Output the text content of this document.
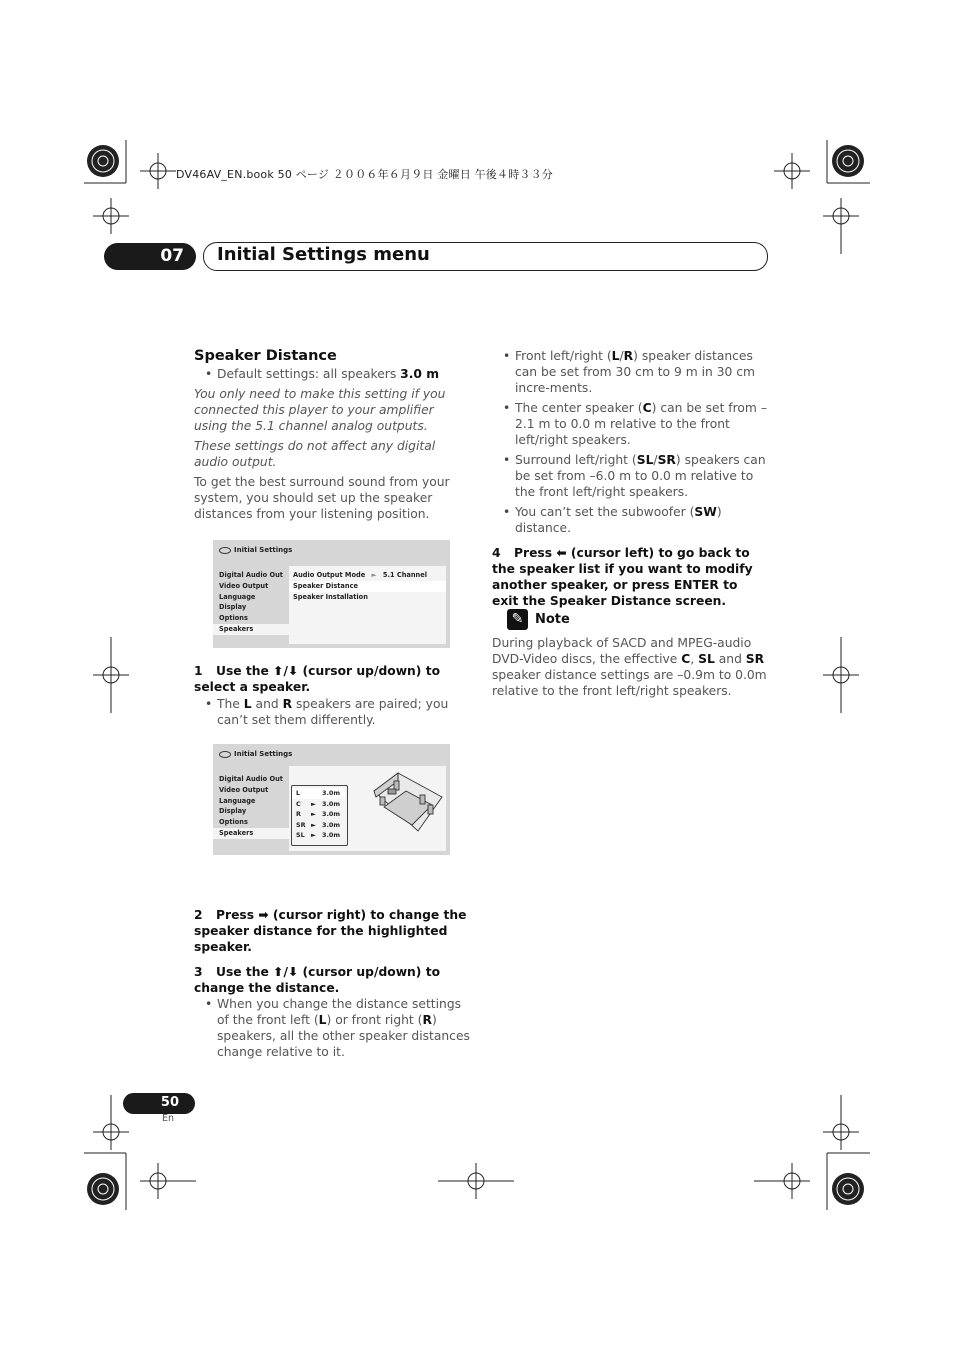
DV46AV_EN.book 50 ページ ２００６年６月９日 金曜日 午後４時３３分
07 Initial Settings menu
Speaker Distance
• Default settings: all speakers 3.0 m
You only need to make this setting if you connected this player to your amplifier using the 5.1 channel analog outputs.
These settings do not affect any digital audio output.
To get the best surround sound from your system, you should set up the speaker distances from your listening position.
Initial Settings
Digital Audio Out
Video Output
Language
Display
Options
Speakers
Audio Output Mode ► 5.1 Channel
Speaker Distance
Speaker Installation
1 Use the ⬆/⬇ (cursor up/down) to select a speaker.
• The L and R speakers are paired; you can’t set them differently.
Initial Settings
Digital Audio Out
Video Output
Language
Display
Options
Speakers
L	3.0m
C ► 3.0m
R ► 3.0m
SR ► 3.0m
SL ► 3.0m
2 Press ➡ (cursor right) to change the speaker distance for the highlighted speaker.
3 Use the ⬆/⬇ (cursor up/down) to change the distance.
• When you change the distance settings of the front left (L) or front right (R) speakers, all the other speaker distances change relative to it.
• Front left/right (L/R) speaker distances can be set from 30 cm to 9 m in 30 cm incre-ments.
• The center speaker (C) can be set from –2.1 m to 0.0 m relative to the front left/right speakers.
• Surround left/right (SL/SR) speakers can be set from –6.0 m to 0.0 m relative to the front left/right speakers.
• You can’t set the subwoofer (SW) distance.
4 Press ⬅ (cursor left) to go back to the speaker list if you want to modify another speaker, or press ENTER to exit the Speaker Distance screen.
✎ Note
During playback of SACD and MPEG-audio DVD-Video discs, the effective C, SL and SR speaker distance settings are –0.9m to 0.0m relative to the front left/right speakers.
50
En
